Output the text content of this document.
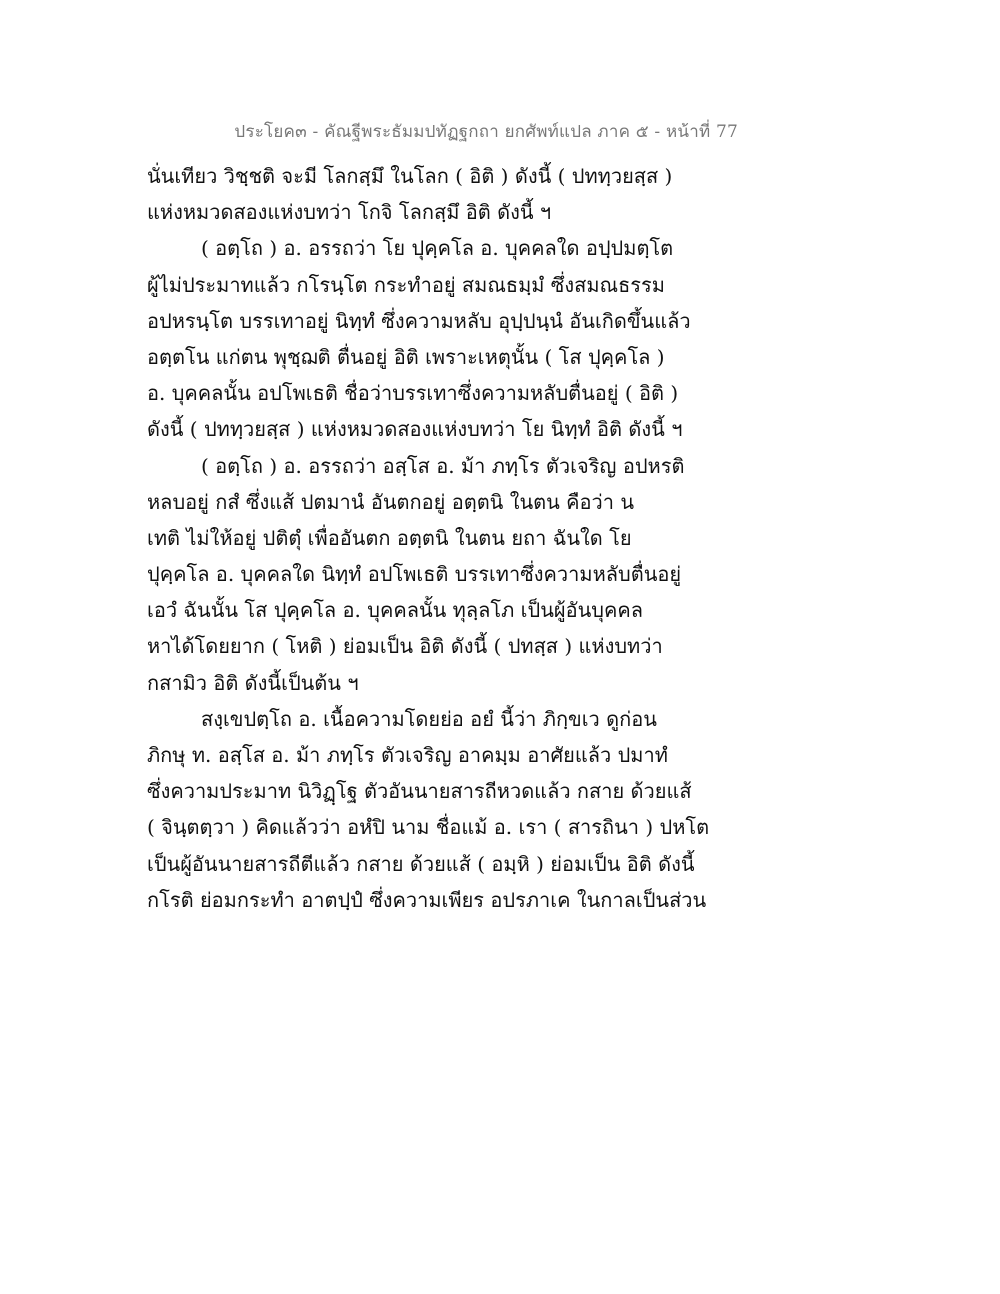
ประโยค๓ - คัณฐีพระธัมมปทัฏฐกถา ยกศัพท์แปล ภาค ๕ - หน้าที่ 77
นั่นเทียว วิชฺชติ จะมี โลกสฺมึ ในโลก ( อิติ ) ดังนี้ ( ปททฺวยสฺส )
แห่งหมวดสองแห่งบทว่า โกจิ โลกสฺมึ อิติ ดังนี้ ฯ
( อตฺโถ ) อ. อรรถว่า โย ปุคฺคโล อ. บุคคลใด อปฺปมตฺโต
ผู้ไม่ประมาทแล้ว กโรนฺโต กระทำอยู่ สมณธมฺมํ ซึ่งสมณธรรม
อปหรนฺโต บรรเทาอยู่ นิทฺทํ ซึ่งความหลับ อุปฺปนฺนํ อันเกิดขึ้นแล้ว
อตฺตโน แก่ตน พุชฺฌติ ตื่นอยู่ อิติ เพราะเหตุนั้น ( โส ปุคฺคโล )
อ. บุคคลนั้น อปโพเธติ ชื่อว่าบรรเทาซึ่งความหลับตื่นอยู่ ( อิติ )
ดังนี้ ( ปททฺวยสฺส ) แห่งหมวดสองแห่งบทว่า โย นิทฺทํ อิติ ดังนี้ ฯ
( อตฺโถ ) อ. อรรถว่า อสฺโส อ. ม้า ภทฺโร ตัวเจริญ อปหรติ
หลบอยู่ กสํ ซึ่งแส้ ปตมานํ อันตกอยู่ อตฺตนิ ในตน คือว่า น
เทติ ไม่ให้อยู่ ปติตุํ เพื่ออันตก อตฺตนิ ในตน ยถา ฉันใด โย
ปุคฺคโล อ. บุคคลใด นิทฺทํ อปโพเธติ บรรเทาซึ่งความหลับตื่นอยู่
เอวํ ฉันนั้น โส ปุคฺคโล อ. บุคคลนั้น ทุลฺลโภ เป็นผู้อันบุคคล
หาได้โดยยาก ( โหติ ) ย่อมเป็น อิติ ดังนี้ ( ปทสฺส ) แห่งบทว่า
กสามิว อิติ ดังนี้เป็นต้น ฯ
สงฺเขปตฺโถ อ. เนื้อความโดยย่อ อยํ นี้ว่า ภิกฺขเว ดูก่อน
ภิกษุ ท. อสฺโส อ. ม้า ภทฺโร ตัวเจริญ อาคมฺม อาศัยแล้ว ปมาทํ
ซึ่งความประมาท นิวิฏฺโฐ ตัวอันนายสารถีหวดแล้ว กสาย ด้วยแส้
( จินฺตตฺวา ) คิดแล้วว่า อหํปิ นาม ชื่อแม้ อ. เรา ( สารถินา ) ปหโต
เป็นผู้อันนายสารถีตีแล้ว กสาย ด้วยแส้ ( อมฺหิ ) ย่อมเป็น อิติ ดังนี้
กโรติ ย่อมกระทำ อาตปฺปํ ซึ่งความเพียร อปรภาเค ในกาลเป็นส่วน
